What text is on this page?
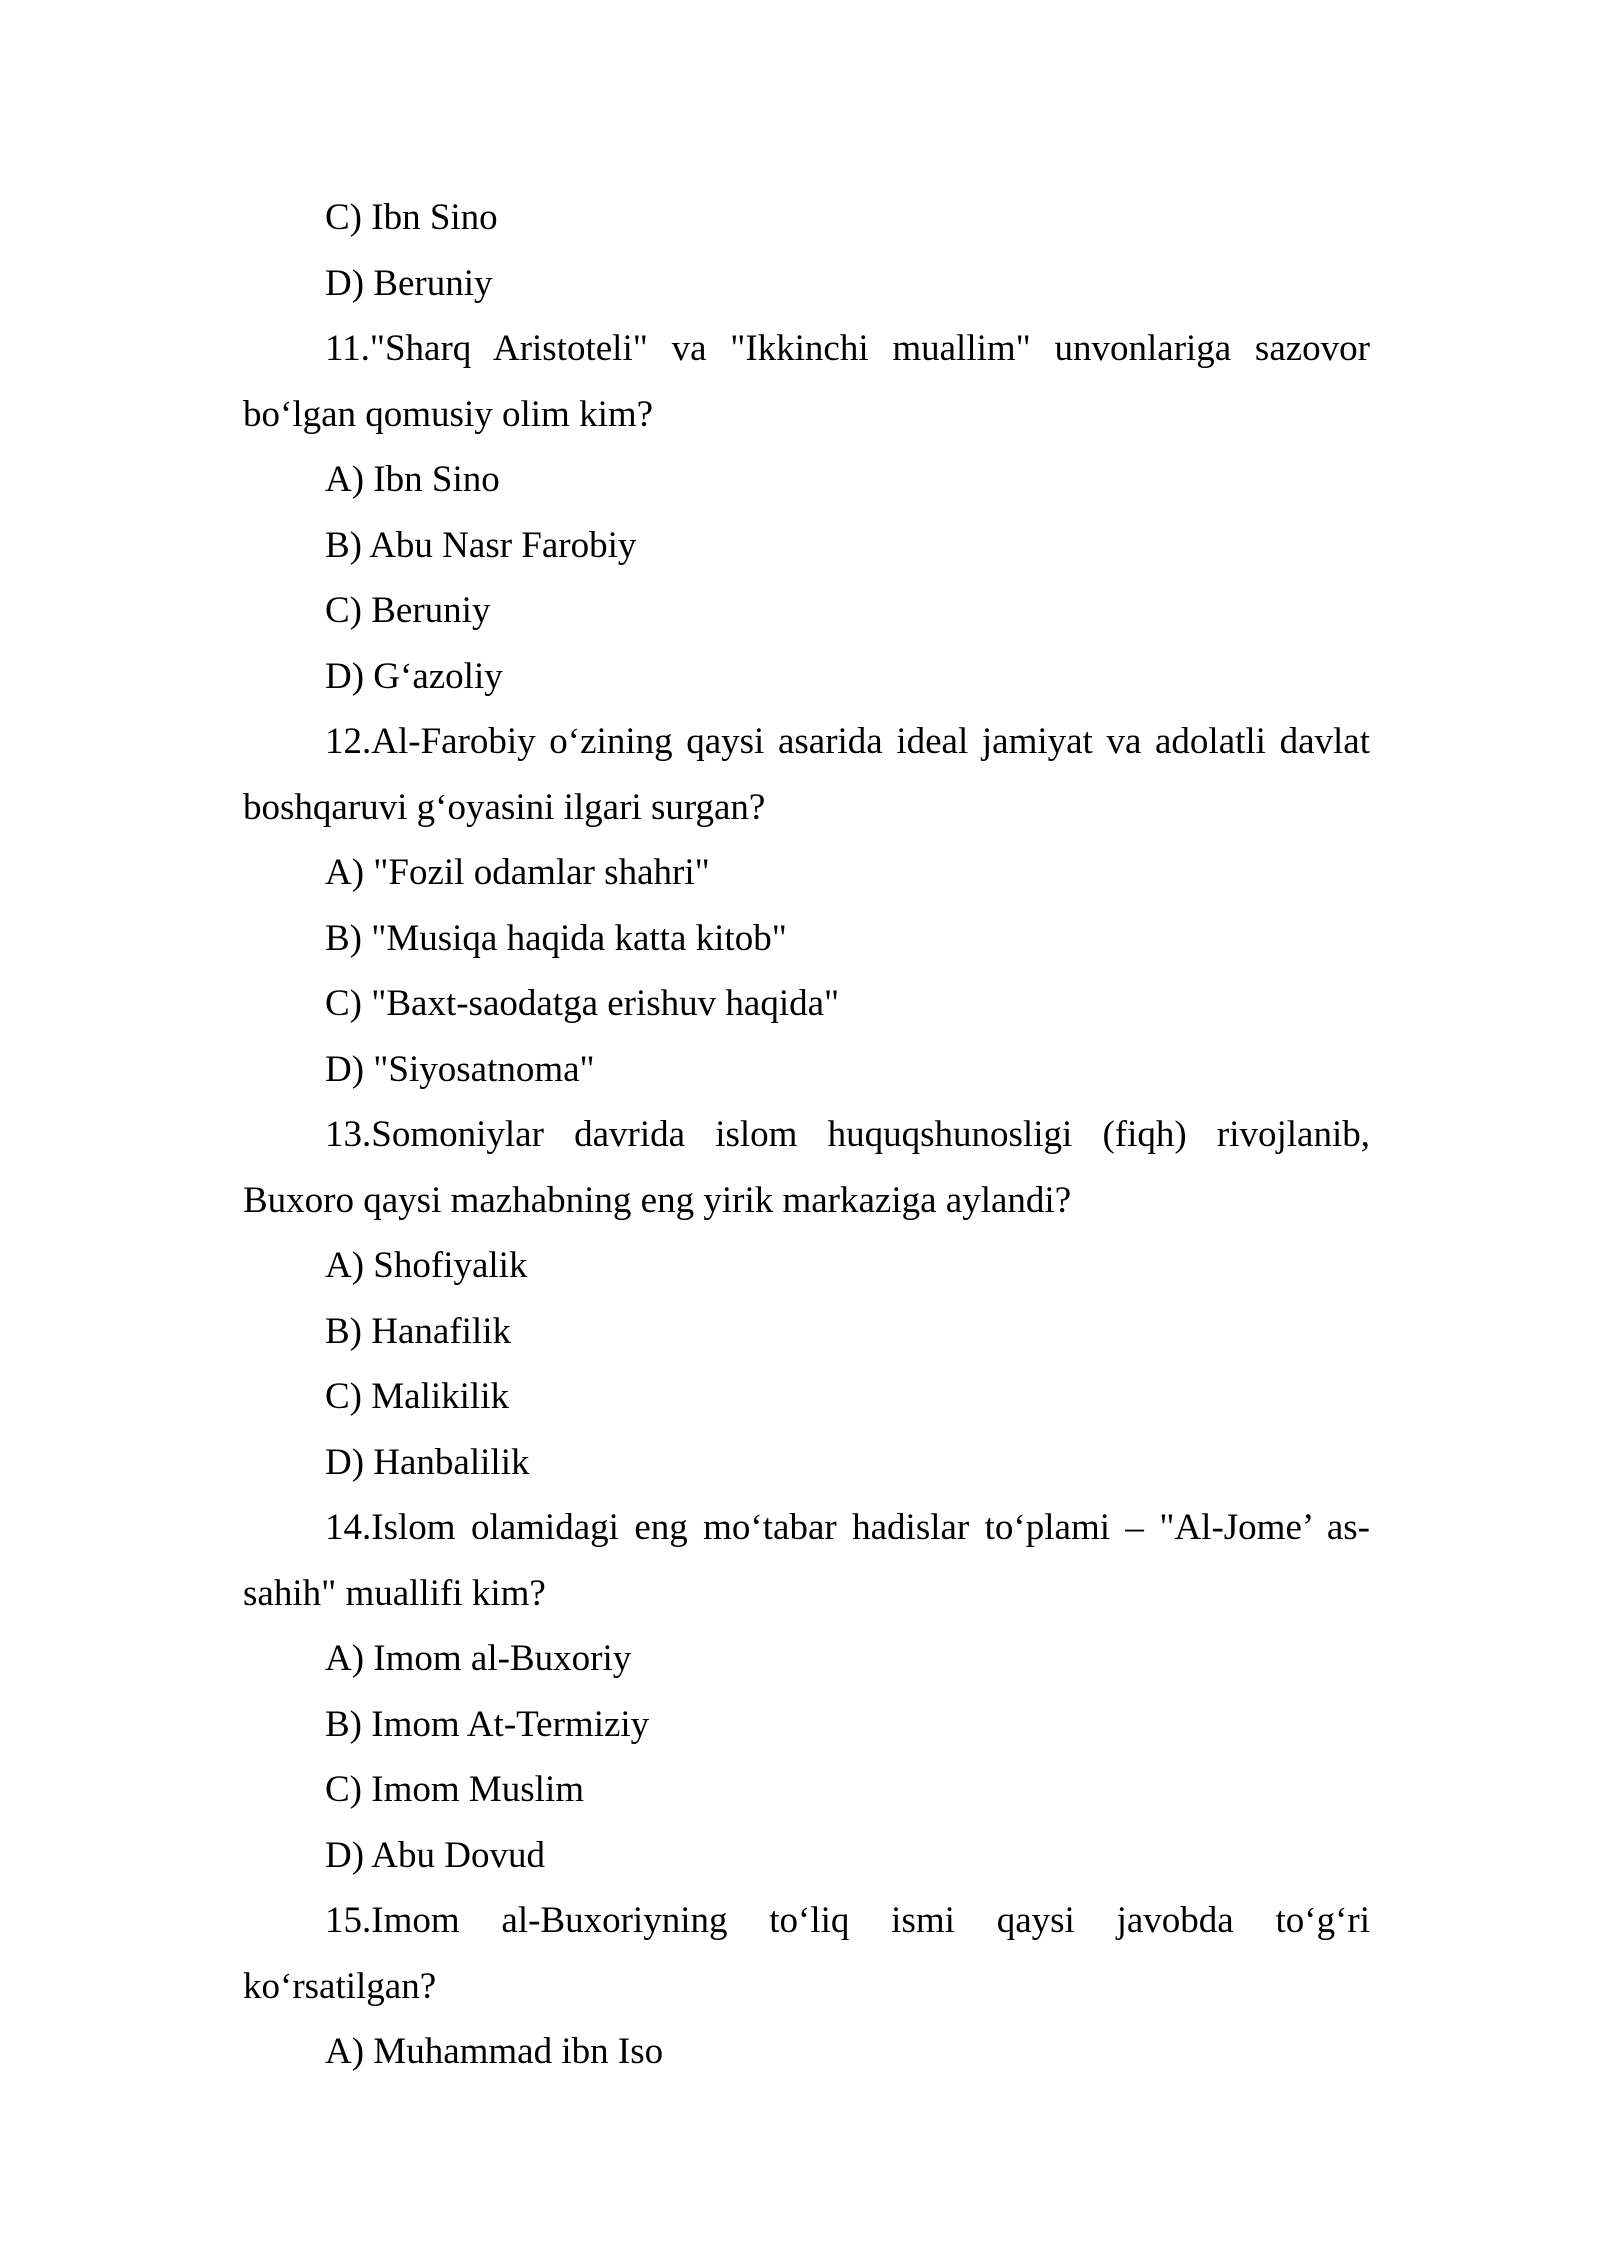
C) Ibn Sino
D) Beruniy
11."Sharq Aristoteli" va "Ikkinchi muallim" unvonlariga sazovor
bo‘lgan qomusiy olim kim?
A) Ibn Sino
B) Abu Nasr Farobiy
C) Beruniy
D) G‘azoliy
12.Al-Farobiy o‘zining qaysi asarida ideal jamiyat va adolatli davlat
boshqaruvi g‘oyasini ilgari surgan?
A) "Fozil odamlar shahri"
B) "Musiqa haqida katta kitob"
C) "Baxt-saodatga erishuv haqida"
D) "Siyosatnoma"
13.Somoniylar davrida islom huquqshunosligi (fiqh) rivojlanib,
Buxoro qaysi mazhabning eng yirik markaziga aylandi?
A) Shofiyalik
B) Hanafilik
C) Malikilik
D) Hanbalilik
14.Islom olamidagi eng mo‘tabar hadislar to‘plami – "Al-Jome’ as-
sahih" muallifi kim?
A) Imom al-Buxoriy
B) Imom At-Termiziy
C) Imom Muslim
D) Abu Dovud
15.Imom al-Buxoriyning to‘liq ismi qaysi javobda to‘g‘ri
ko‘rsatilgan?
A) Muhammad ibn Iso
